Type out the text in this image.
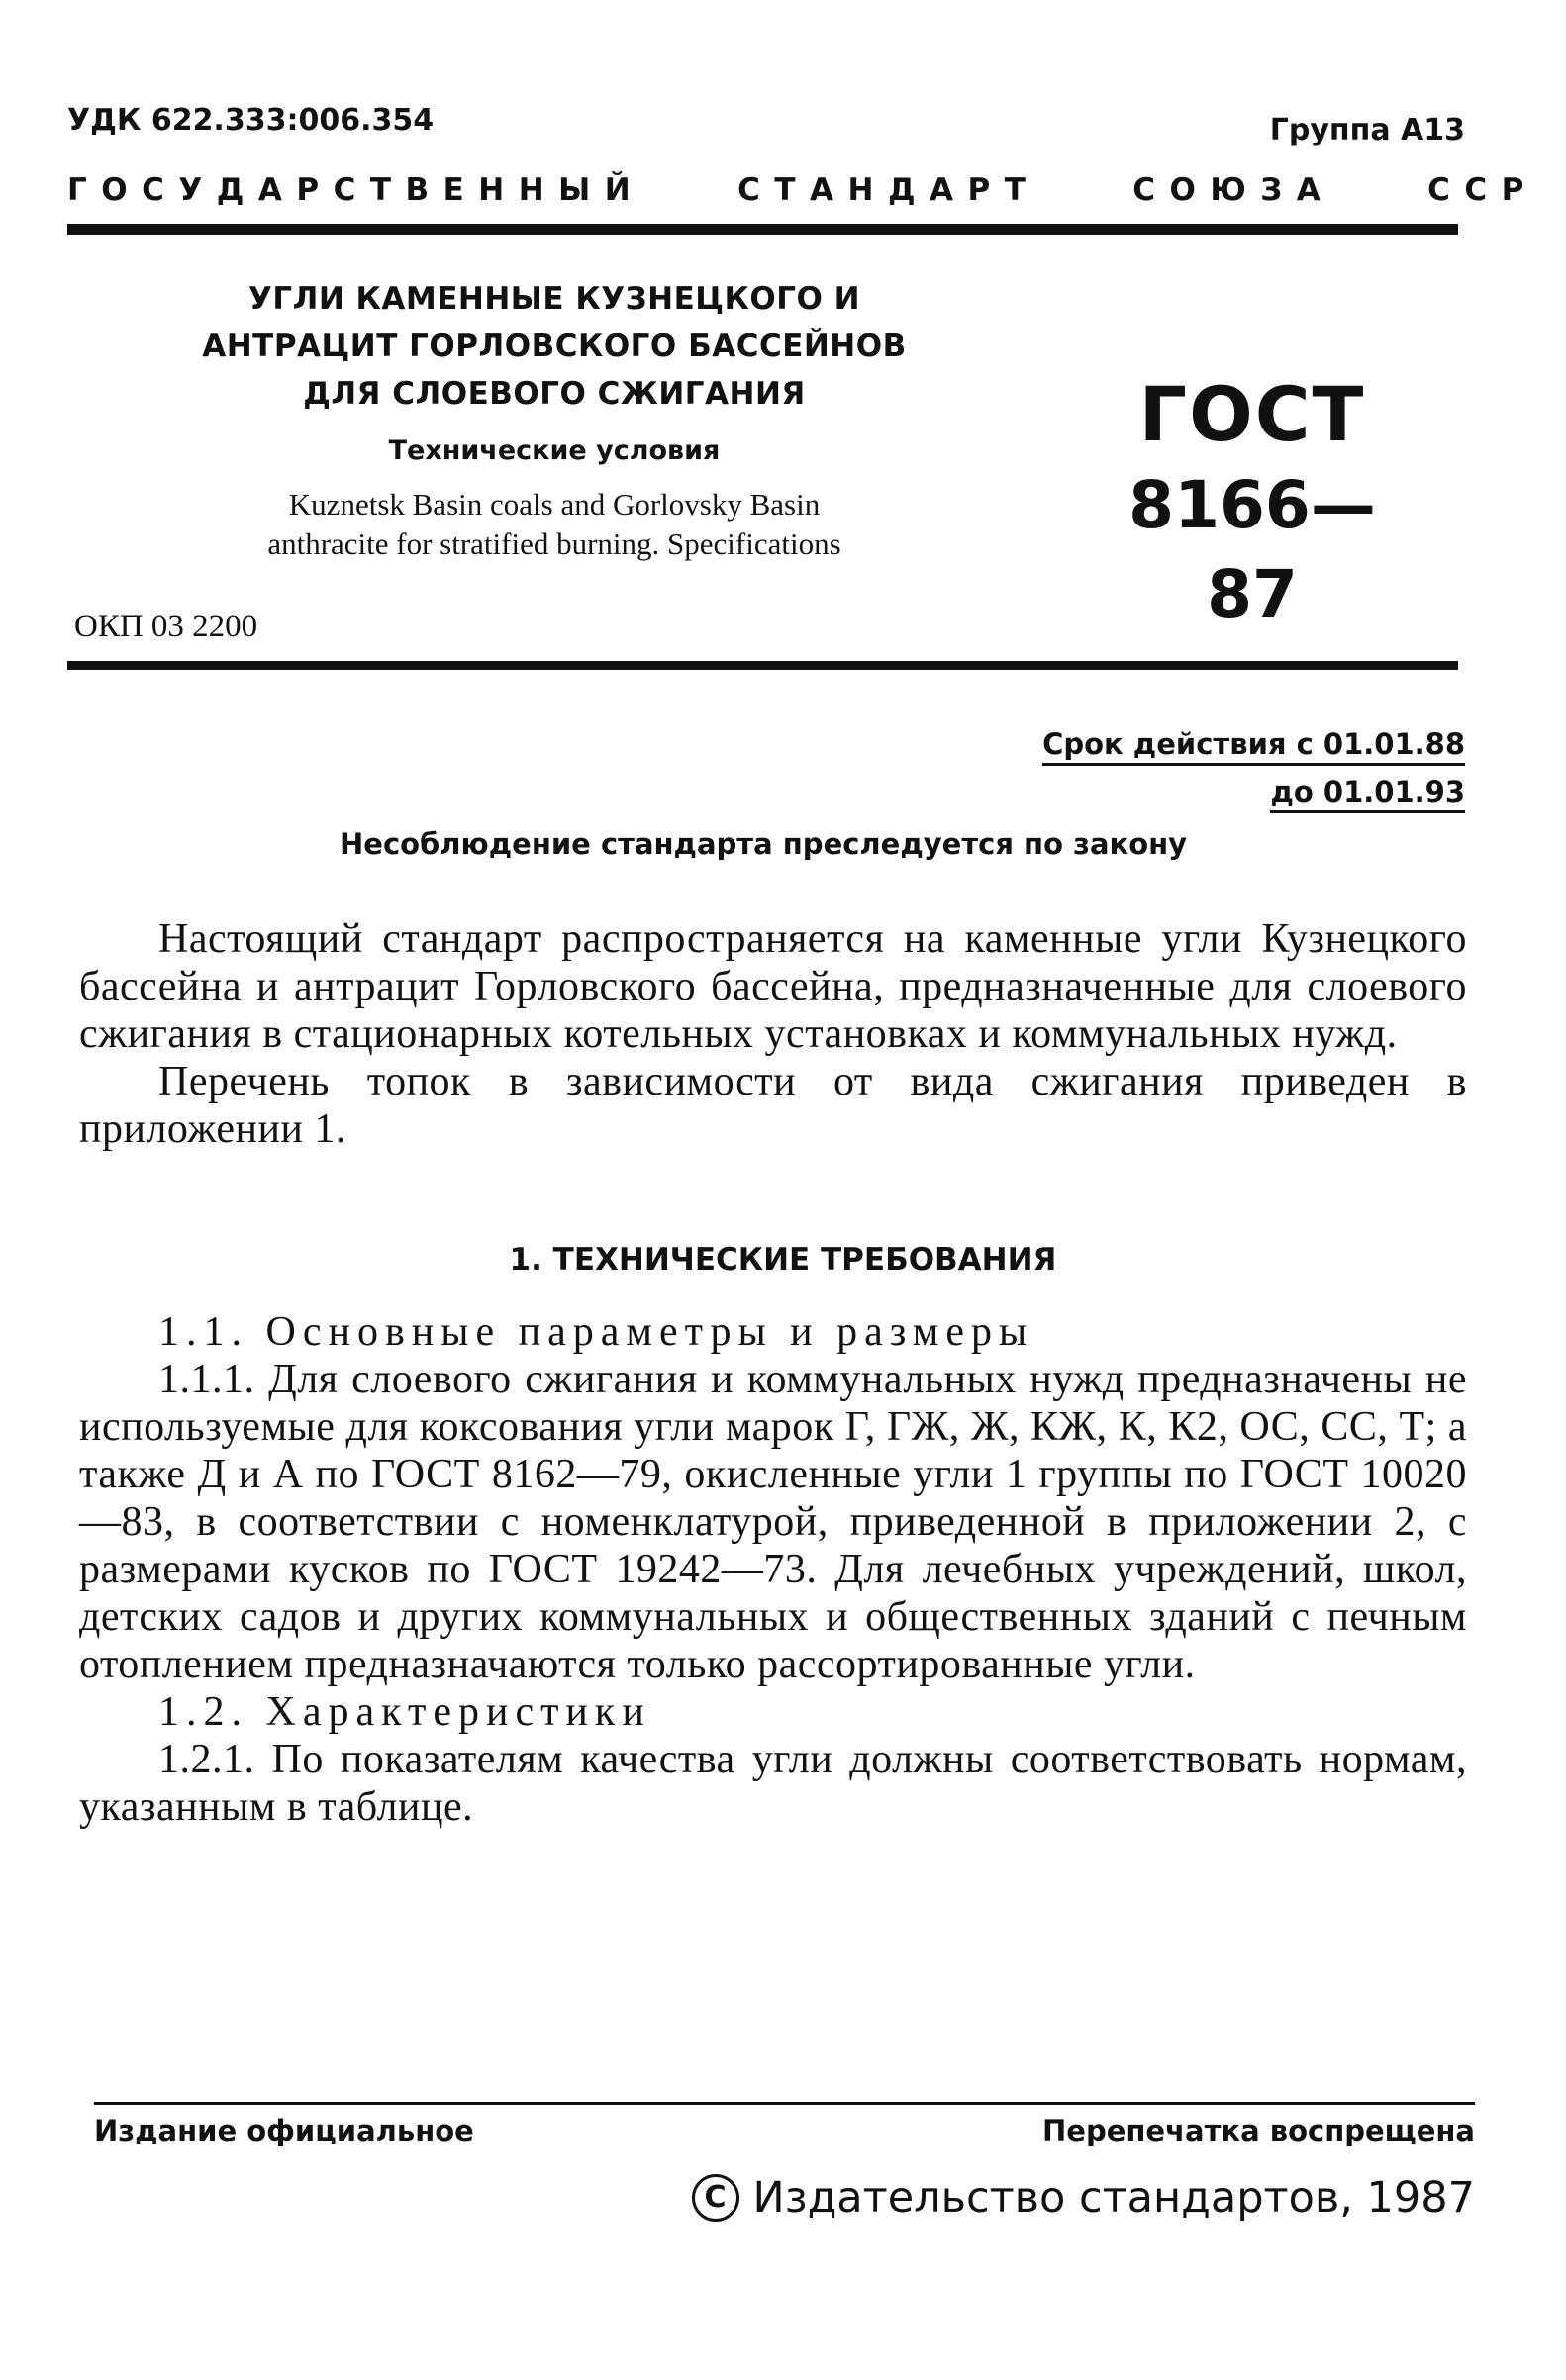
УДК 622.333:006.354	Группа А13
ГОСУДАРСТВЕННЫЙ   СТАНДАРТ   СОЮЗА   ССР
УГЛИ КАМЕННЫЕ КУЗНЕЦКОГО И
АНТРАЦИТ ГОРЛОВСКОГО БАССЕЙНОВ
ДЛЯ СЛОЕВОГО СЖИГАНИЯ
Технические условия
Kuznetsk Basin coals and Gorlovsky Basin
anthracite for stratified burning. Specifications
ГОСТ
8166—87
ОКП 03 2200
Срок действия с 01.01.88
до 01.01.93
Несоблюдение стандарта преследуется по закону

Настоящий стандарт распространяется на каменные угли Кузнецкого бассейна и антрацит Горловского бассейна, предназначенные для слоевого сжигания в стационарных котельных установках и коммунальных нужд.

Перечень топок в зависимости от вида сжигания приведен в приложении 1.

1. ТЕХНИЧЕСКИЕ ТРЕБОВАНИЯ

1.1. Основные параметры и размеры

1.1.1. Для слоевого сжигания и коммунальных нужд предназначены не используемые для коксования угли марок Г, ГЖ, Ж, КЖ, К, К2, ОС, СС, Т; а также Д и А по ГОСТ 8162—79, окисленные угли 1 группы по ГОСТ 10020—83, в соответствии с номенклатурой, приведенной в приложении 2, с размерами кусков по ГОСТ 19242—73. Для лечебных учреждений, школ, детских садов и других коммунальных и общественных зданий с печным отоплением предназначаются только рассортированные угли.

1.2. Характеристики

1.2.1. По показателям качества угли должны соответствовать нормам, указанным в таблице.

Издание официальное	Перепечатка воспрещена
C Издательство стандартов, 1987
